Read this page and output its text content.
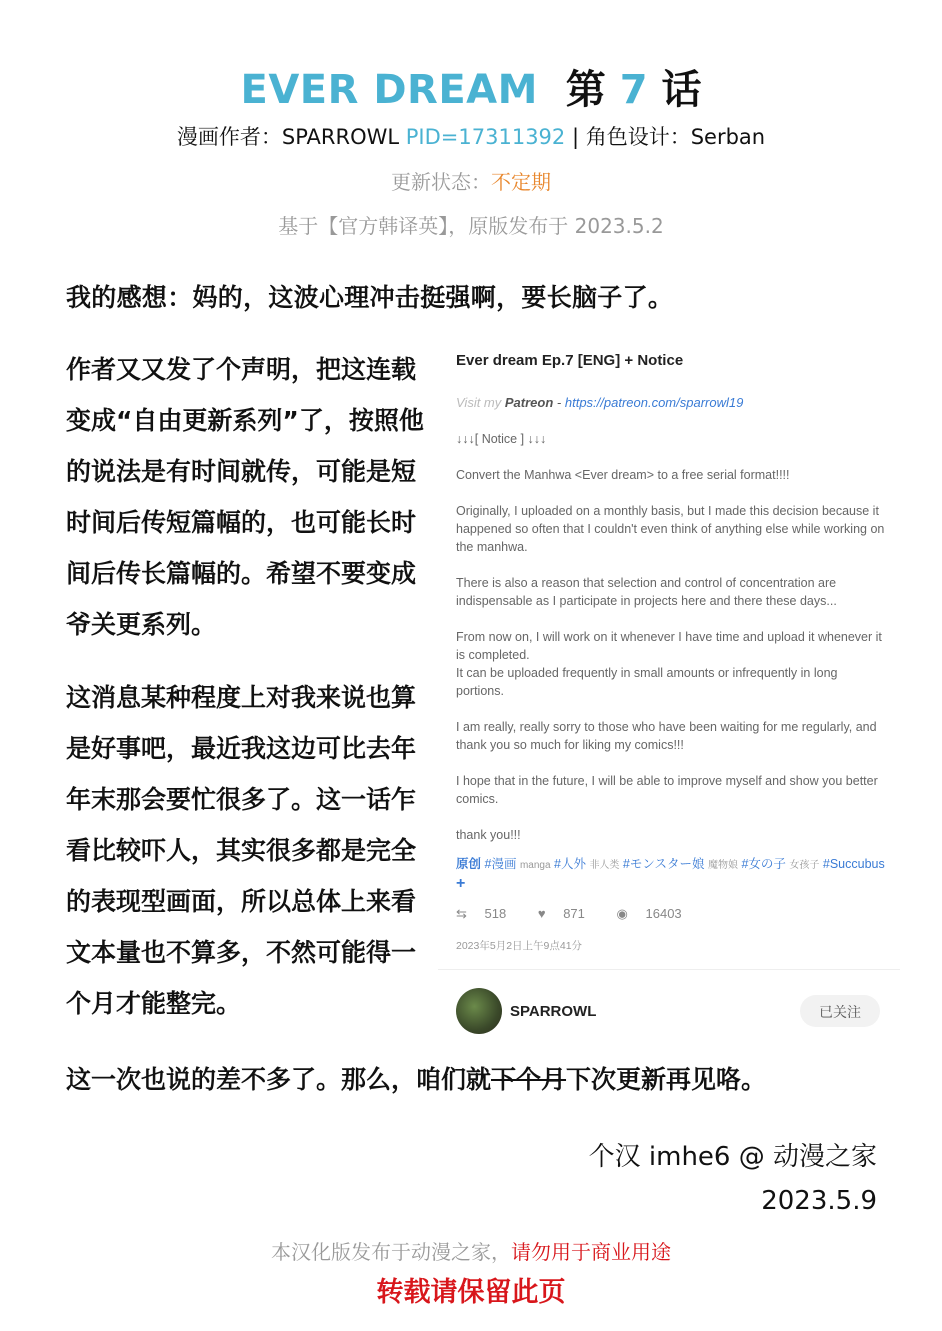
EVER DREAM 第 7 话
漫画作者：SPARROWL PID=17311392 | 角色设计：Serban
更新状态：不定期
基于【官方韩译英】，原版发布于 2023.5.2
我的感想：妈的，这波心理冲击挺强啊，要长脑子了。
作者又又发了个声明，把这连载变成“自由更新系列”了，按照他的说法是有时间就传，可能是短时间后传短篇幅的，也可能长时间后传长篇幅的。希望不要变成爷关更系列。
这消息某种程度上对我来说也算是好事吧，最近我这边可比去年年末那会要忙很多了。这一话乍看比较吓人，其实很多都是完全的表现型画面，所以总体上来看文本量也不算多，不然可能得一个月才能整完。
这一次也说的差不多了。那么，咱们就下个月下次更新再见咯。
个汉 imhe6 @ 动漫之家
2023.5.9
本汉化版发布于动漫之家，请勿用于商业用途
转载请保留此页
Ever dream Ep.7 [ENG] + Notice
Visit my Patreon - https://patreon.com/sparrowl19

↓↓↓[ Notice ] ↓↓↓

Convert the Manhwa <Ever dream> to a free serial format!!!!

Originally, I uploaded on a monthly basis, but I made this decision because it happened so often that I couldn't even think of anything else while working on the manhwa.

There is also a reason that selection and control of concentration are indispensable as I participate in projects here and there these days...

From now on, I will work on it whenever I have time and upload it whenever it is completed.
It can be uploaded frequently in small amounts or infrequently in long portions.

I am really, really sorry to those who have been waiting for me regularly, and thank you so much for liking my comics!!!

I hope that in the future, I will be able to improve myself and show you better comics.

thank you!!!

原创 #漫画 manga #人外 非人类 #モンスター娘 魔物娘 #女の子 女孩子 #Succubus +
⇆ 518 ♥ 871 ◉ 16403
2023年5月2日上午9点41分
SPARROWL	已关注
